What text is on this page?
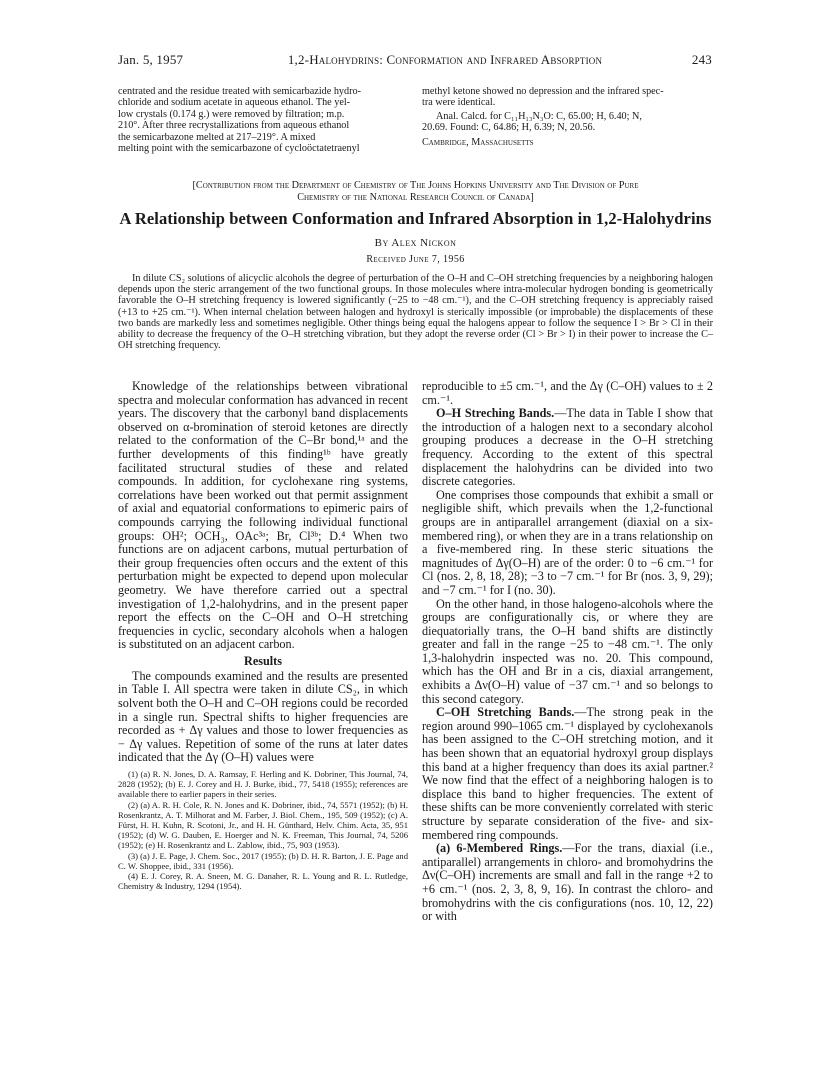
Jan. 5, 1957	1,2-Halohydrins: Conformation and Infrared Absorption	243

centrated and the residue treated with semicarbazide hydro-

chloride and sodium acetate in aqueous ethanol. The yel-

low crystals (0.174 g.) were removed by filtration; m.p.

210°. After three recrystallizations from aqueous ethanol

the semicarbazone melted at 217–219°. A mixed

melting point with the semicarbazone of cycloöctatetraenyl

methyl ketone showed no depression and the infrared spec-

tra were identical.

Anal. Calcd. for C₁₁H₁₃N₃O: C, 65.00; H, 6.40; N,

20.69. Found: C, 64.86; H, 6.39; N, 20.56.

Cambridge, Massachusetts

[Contribution from the Department of Chemistry of The Johns Hopkins University and The Division of Pure
Chemistry of the National Research Council of Canada]
A Relationship between Conformation and Infrared Absorption in 1,2-Halohydrins
By Alex Nickon
Received June 7, 1956

In dilute CS₂ solutions of alicyclic alcohols the degree of perturbation of the O–H and C–OH stretching frequencies by a neighboring halogen depends upon the steric arrangement of the two functional groups. In those molecules where intra-molecular hydrogen bonding is geometrically favorable the O–H stretching frequency is lowered significantly (−25 to −48 cm.⁻¹), and the C–OH stretching frequency is appreciably raised (+13 to +25 cm.⁻¹). When internal chelation between halogen and hydroxyl is sterically impossible (or improbable) the displacements of these two bands are markedly less and sometimes negligible. Other things being equal the halogens appear to follow the sequence I > Br > Cl in their ability to decrease the frequency of the O–H stretching vibration, but they adopt the reverse order (Cl > Br > I) in their power to increase the C–OH stretching frequency.

Knowledge of the relationships between vibrational spectra and molecular conformation has advanced in recent years. The discovery that the carbonyl band displacements observed on α-bromination of steroid ketones are directly related to the conformation of the C–Br bond,¹ᵃ and the further developments of this finding¹ᵇ have greatly facilitated structural studies of these and related compounds. In addition, for cyclohexane ring systems, correlations have been worked out that permit assignment of axial and equatorial conformations to epimeric pairs of compounds carrying the following individual functional groups: OH²; OCH₃, OAc³ᵃ; Br, Cl³ᵇ; D.⁴ When two functions are on adjacent carbons, mutual perturbation of their group frequencies often occurs and the extent of this perturbation might be expected to depend upon molecular geometry. We have therefore carried out a spectral investigation of 1,2-halohydrins, and in the present paper report the effects on the C–OH and O–H stretching frequencies in cyclic, secondary alcohols when a halogen is substituted on an adjacent carbon.

Results

The compounds examined and the results are presented in Table I. All spectra were taken in dilute CS₂, in which solvent both the O–H and C–OH regions could be recorded in a single run. Spectral shifts to higher frequencies are recorded as + Δγ values and those to lower frequencies as − Δγ values. Repetition of some of the runs at later dates indicated that the Δγ (O–H) values were

(1) (a) R. N. Jones, D. A. Ramsay, F. Herling and K. Dobriner, This Journal, 74, 2828 (1952); (b) E. J. Corey and H. J. Burke, ibid., 77, 5418 (1955); references are available there to earlier papers in their series.

(2) (a) A. R. H. Cole, R. N. Jones and K. Dobriner, ibid., 74, 5571 (1952); (b) H. Rosenkrantz, A. T. Milhorat and M. Farber, J. Biol. Chem., 195, 509 (1952); (c) A. Fürst, H. H. Kuhn, R. Scotoni, Jr., and H. H. Günthard, Helv. Chim. Acta, 35, 951 (1952); (d) W. G. Dauben, E. Hoerger and N. K. Freeman, This Journal, 74, 5206 (1952); (e) H. Rosenkrantz and L. Zablow, ibid., 75, 903 (1953).

(3) (a) J. E. Page, J. Chem. Soc., 2017 (1955); (b) D. H. R. Barton, J. E. Page and C. W. Shoppee, ibid., 331 (1956).

(4) E. J. Corey, R. A. Sneen, M. G. Danaher, R. L. Young and R. L. Rutledge, Chemistry & Industry, 1294 (1954).

reproducible to ±5 cm.⁻¹, and the Δγ (C–OH) values to ± 2 cm.⁻¹.

O–H Streching Bands.—The data in Table I show that the introduction of a halogen next to a secondary alcohol grouping produces a decrease in the O–H stretching frequency. According to the extent of this spectral displacement the halohydrins can be divided into two discrete categories.

One comprises those compounds that exhibit a small or negligible shift, which prevails when the 1,2-functional groups are in antiparallel arrangement (diaxial on a six-membered ring), or when they are in a trans relationship on a five-membered ring. In these steric situations the magnitudes of Δγ(O–H) are of the order: 0 to −6 cm.⁻¹ for Cl (nos. 2, 8, 18, 28); −3 to −7 cm.⁻¹ for Br (nos. 3, 9, 29); and −7 cm.⁻¹ for I (no. 30).

On the other hand, in those halogeno-alcohols where the groups are configurationally cis, or where they are diequatorially trans, the O–H band shifts are distinctly greater and fall in the range −25 to −48 cm.⁻¹. The only 1,3-halohydrin inspected was no. 20. This compound, which has the OH and Br in a cis, diaxial arrangement, exhibits a Δν(O–H) value of −37 cm.⁻¹ and so belongs to this second category.

C–OH Stretching Bands.—The strong peak in the region around 990–1065 cm.⁻¹ displayed by cyclohexanols has been assigned to the C–OH stretching motion, and it has been shown that an equatorial hydroxyl group displays this band at a higher frequency than does its axial partner.² We now find that the effect of a neighboring halogen is to displace this band to higher frequencies. The extent of these shifts can be more conveniently correlated with steric structure by separate consideration of the five- and six-membered ring compounds.

(a) 6-Membered Rings.—For the trans, diaxial (i.e., antiparallel) arrangements in chloro- and bromohydrins the Δν(C–OH) increments are small and fall in the range +2 to +6 cm.⁻¹ (nos. 2, 3, 8, 9, 16). In contrast the chloro- and bromohydrins with the cis configurations (nos. 10, 12, 22) or with
